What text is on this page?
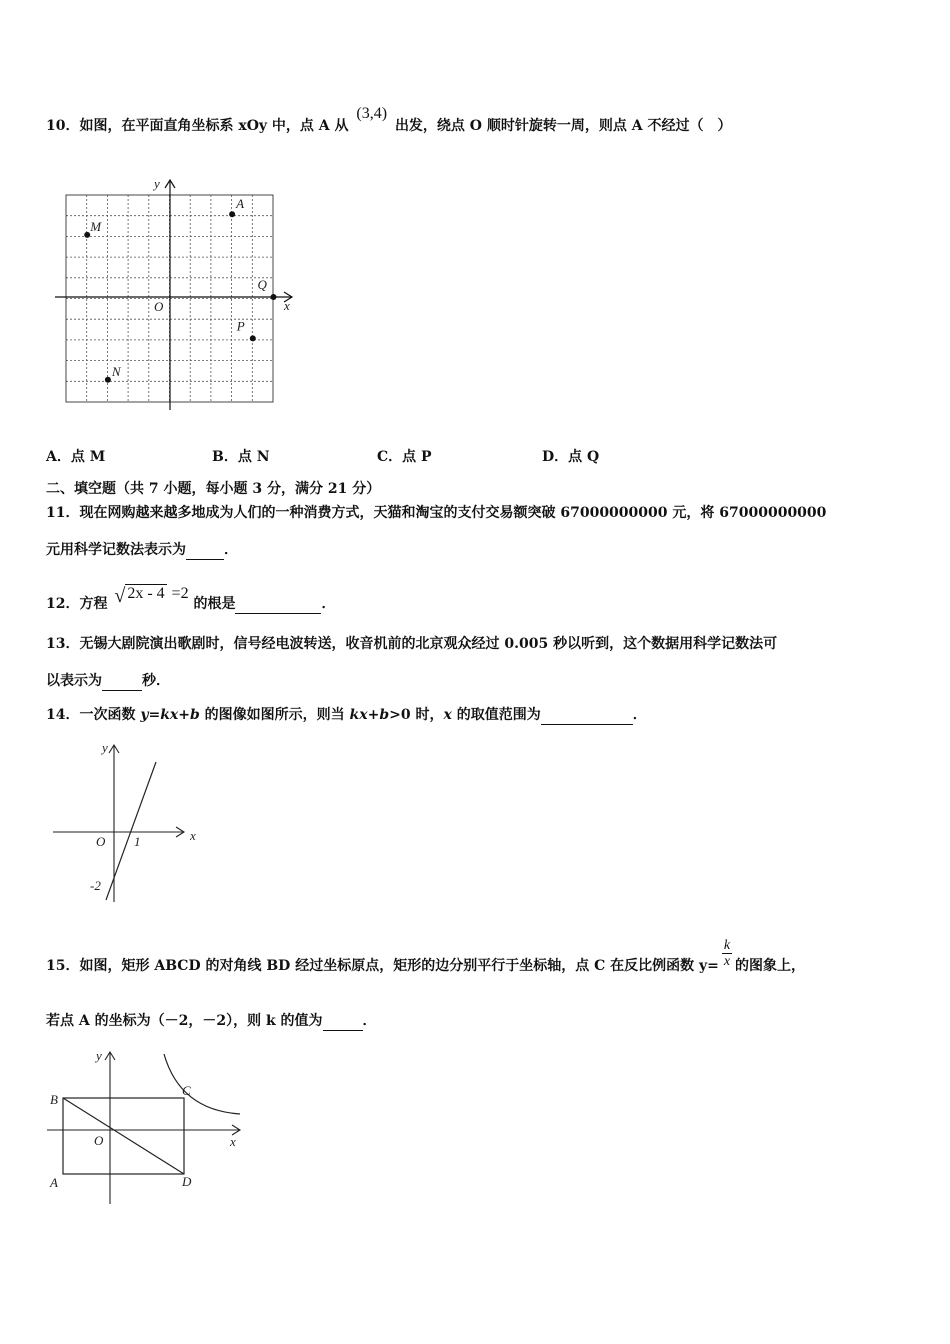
10．如图，在平面直角坐标系 xOy 中，点 A 从 (3,4) 出发，绕点 O 顺时针旋转一周，则点 A 不经过（　）
x
y
O
A
M
N
P
Q
A．点 M	B．点 N	C．点 P	D．点 Q
二、填空题（共 7 小题，每小题 3 分，满分 21 分）
11．现在网购越来越多地成为人们的一种消费方式，天猫和淘宝的支付交易额突破 67000000000 元，将 67000000000
元用科学记数法表示为	．
12．方程 √ 2x - 4 =2 的根是	．
13．无锡大剧院演出歌剧时，信号经电波转送，收音机前的北京观众经过 0.005 秒以听到，这个数据用科学记数法可
以表示为	秒．
14．一次函数 y=kx+b 的图像如图所示，则当 kx+b>0 时，x 的取值范围为	．
x
y
O 1
-2
15．如图，矩形 ABCD 的对角线 BD 经过坐标原点，矩形的边分别平行于坐标轴，点 C 在反比例函数 $y= \frac{k}{x}$ 的图象上，
若点 A 的坐标为（－2，－2），则 k 的值为	．
x
y
O
A
B
C
D
